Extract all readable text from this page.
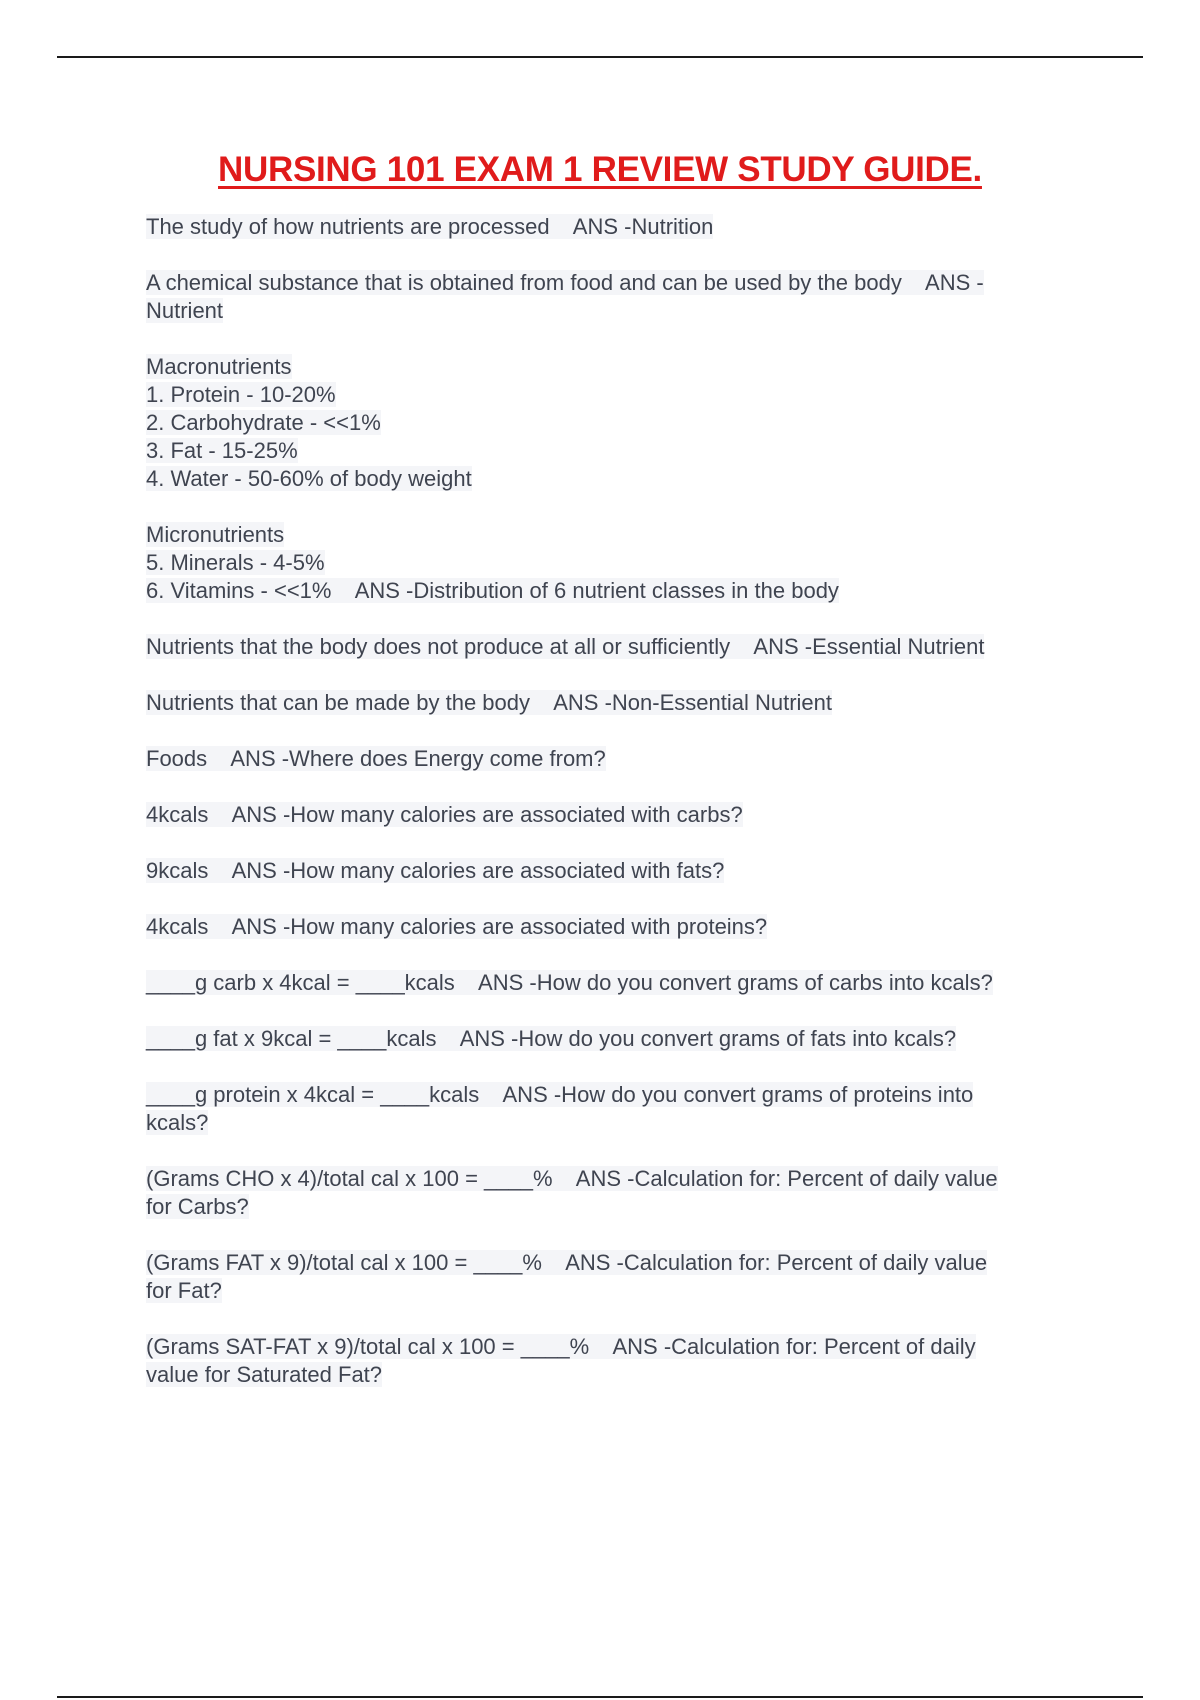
NURSING 101 EXAM 1 REVIEW STUDY GUIDE.
The study of how nutrients are processed    ANS -Nutrition
A chemical substance that is obtained from food and can be used by the body    ANS -
Nutrient
Macronutrients
1. Protein - 10-20%
2. Carbohydrate - <<1%
3. Fat - 15-25%
4. Water - 50-60% of body weight
Micronutrients
5. Minerals - 4-5%
6. Vitamins - <<1%    ANS -Distribution of 6 nutrient classes in the body
Nutrients that the body does not produce at all or sufficiently    ANS -Essential Nutrient
Nutrients that can be made by the body    ANS -Non-Essential Nutrient
Foods    ANS -Where does Energy come from?
4kcals    ANS -How many calories are associated with carbs?
9kcals    ANS -How many calories are associated with fats?
4kcals    ANS -How many calories are associated with proteins?
____g carb x 4kcal = ____kcals    ANS -How do you convert grams of carbs into kcals?
____g fat x 9kcal = ____kcals    ANS -How do you convert grams of fats into kcals?
____g protein x 4kcal = ____kcals    ANS -How do you convert grams of proteins into
kcals?
(Grams CHO x 4)/total cal x 100 = ____%    ANS -Calculation for: Percent of daily value
for Carbs?
(Grams FAT x 9)/total cal x 100 = ____%    ANS -Calculation for: Percent of daily value
for Fat?
(Grams SAT-FAT x 9)/total cal x 100 = ____%    ANS -Calculation for: Percent of daily
value for Saturated Fat?
